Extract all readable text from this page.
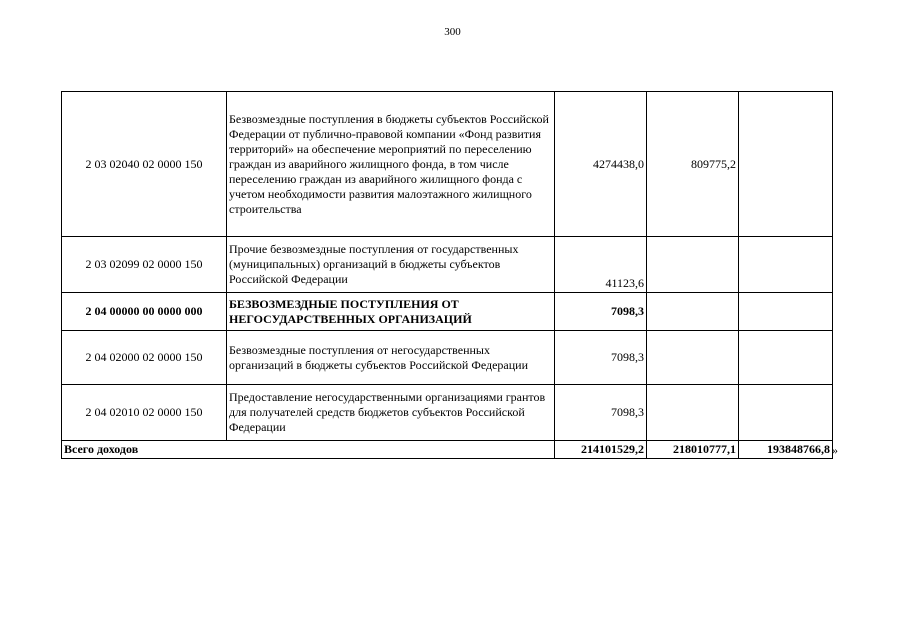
300
2 03 02040 02 0000 150	Безвозмездные поступления в бюджеты субъектов Российской Федерации от публично-правовой компании «Фонд развития территорий» на обеспечение мероприятий по переселению граждан из аварийного жилищного фонда, в том числе переселению граждан из аварийного жилищного фонда с учетом необходимости развития малоэтажного жилищного строительства	4274438,0	809775,2	
2 03 02099 02 0000 150	Прочие безвозмездные поступления от государственных (муниципальных) организаций в бюджеты субъектов Российской Федерации	41123,6		
2 04 00000 00 0000 000	БЕЗВОЗМЕЗДНЫЕ ПОСТУПЛЕНИЯ ОТ НЕГОСУДАРСТВЕННЫХ ОРГАНИЗАЦИЙ	7098,3		
2 04 02000 02 0000 150	Безвозмездные поступления от негосударственных организаций в бюджеты субъектов Российской Федерации	7098,3		
2 04 02010 02 0000 150	Предоставление негосударственными организациями грантов для получателей средств бюджетов субъектов Российской Федерации	7098,3		
Всего доходов		214101529,2	218010777,1	193848766,8 »
